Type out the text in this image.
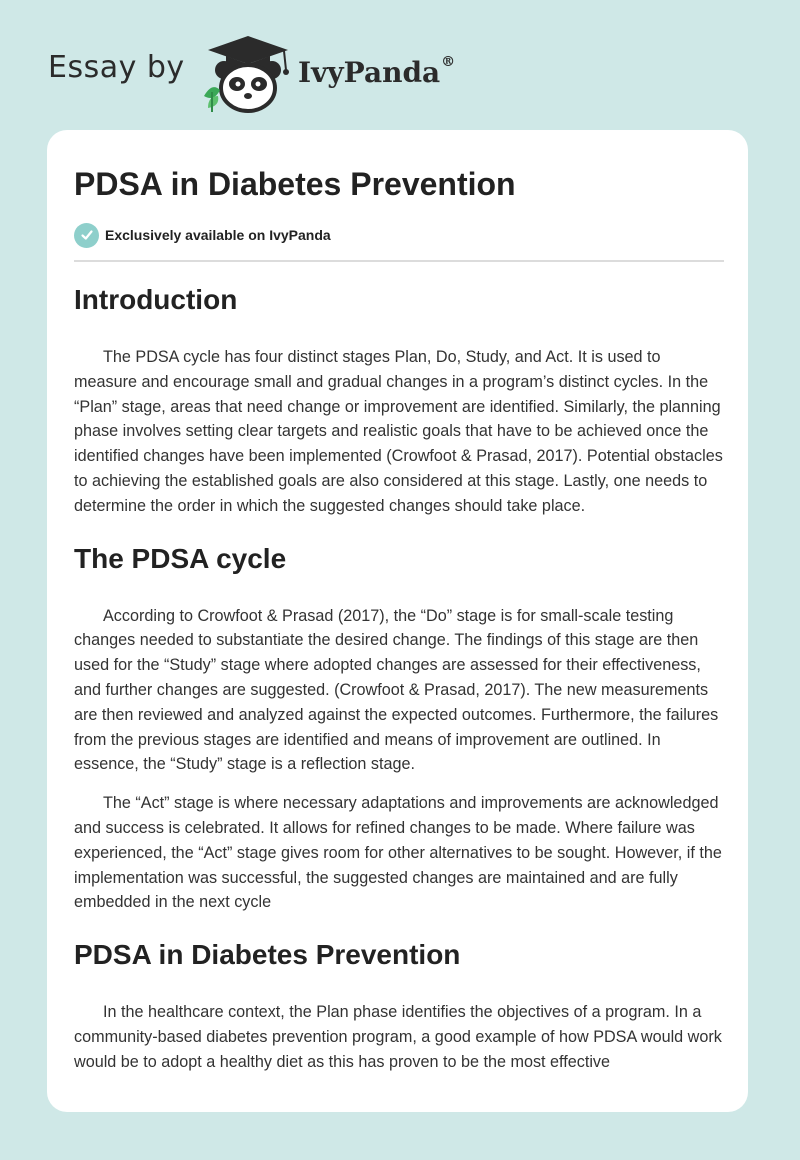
Essay by	IvyPanda®
PDSA in Diabetes Prevention
Exclusively available on IvyPanda
Introduction

The PDSA cycle has four distinct stages Plan, Do, Study, and Act. It is used to measure and encourage small and gradual changes in a program’s distinct cycles. In the “Plan” stage, areas that need change or improvement are identified. Similarly, the planning phase involves setting clear targets and realistic goals that have to be achieved once the identified changes have been implemented (Crowfoot & Prasad, 2017). Potential obstacles to achieving the established goals are also considered at this stage. Lastly, one needs to determine the order in which the suggested changes should take place.

The PDSA cycle

According to Crowfoot & Prasad (2017), the “Do” stage is for small-scale testing changes needed to substantiate the desired change. The findings of this stage are then used for the “Study” stage where adopted changes are assessed for their effectiveness, and further changes are suggested. (Crowfoot & Prasad, 2017). The new measurements are then reviewed and analyzed against the expected outcomes. Furthermore, the failures from the previous stages are identified and means of improvement are outlined. In essence, the “Study” stage is a reflection stage.

The “Act” stage is where necessary adaptations and improvements are acknowledged and success is celebrated. It allows for refined changes to be made. Where failure was experienced, the “Act” stage gives room for other alternatives to be sought. However, if the implementation was successful, the suggested changes are maintained and are fully embedded in the next cycle

PDSA in Diabetes Prevention

In the healthcare context, the Plan phase identifies the objectives of a program. In a community-based diabetes prevention program, a good example of how PDSA would work would be to adopt a healthy diet as this has proven to be the most effective
